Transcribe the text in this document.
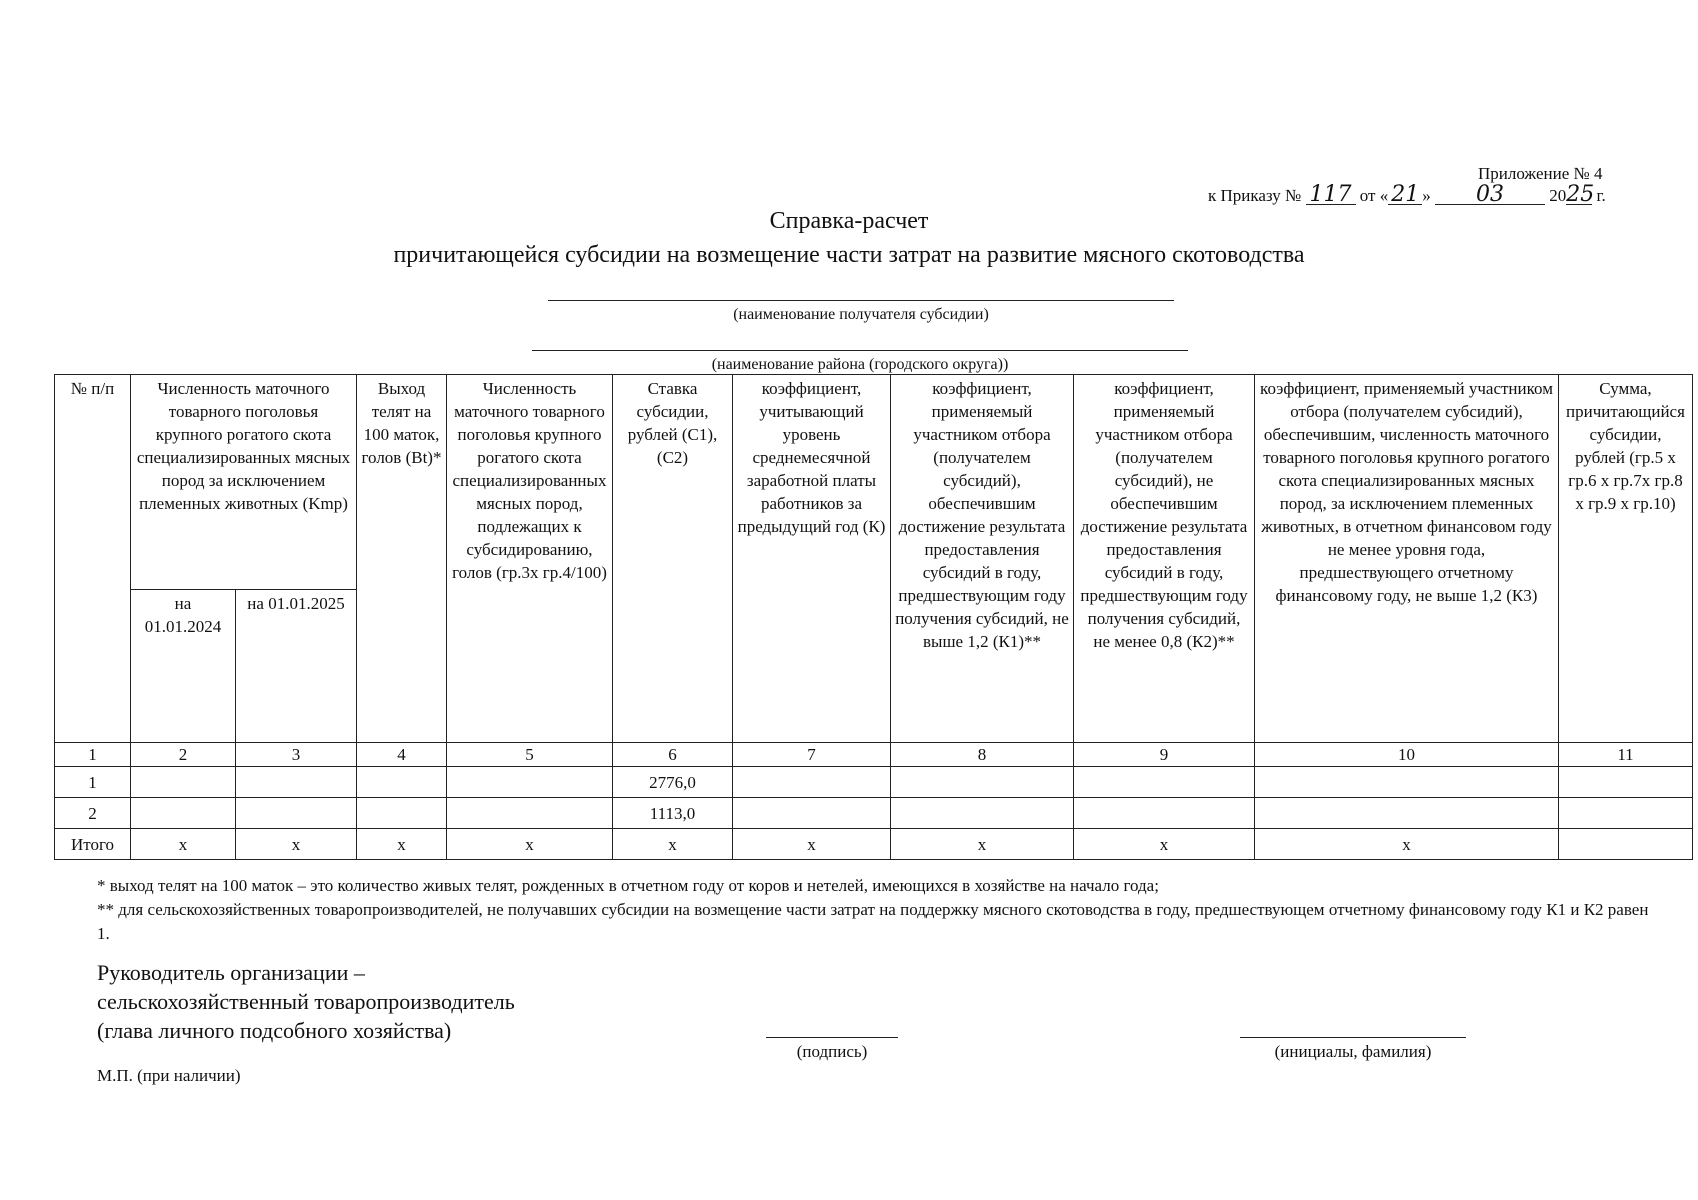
Приложение № 4
к Приказу № 117 от « 21 » 03	2025 г.
Справка-расчет
причитающейся субсидии на возмещение части затрат на развитие мясного скотоводства
(наименование получателя субсидии)
(наименование района (городского округа))
№ п/п	Численность маточного товарного поголовья крупного рогатого скота специализированных мясных пород за исключением племенных животных (Kmp)		Выход телят на 100 маток, голов (Bt)*	Численность маточного товарного поголовья крупного рогатого скота специализированных мясных пород, подлежащих к субсидированию, голов (гр.3х гр.4/100)	Ставка субсидии, рублей (C1), (C2)	коэффициент, учитывающий уровень среднемесячной заработной платы работников за предыдущий год (К)	коэффициент, применяемый участником отбора (получателем субсидий), обеспечившим достижение результата предоставления субсидий в году, предшествующим году получения субсидий, не выше 1,2 (К1)**	коэффициент, применяемый участником отбора (получателем субсидий), не обеспечившим достижение результата предоставления субсидий в году, предшествующим году получения субсидий, не менее 0,8 (К2)**	коэффициент, применяемый участником отбора (получателем субсидий), обеспечившим, численность маточного товарного поголовья крупного рогатого скота специализированных мясных пород, за исключением племенных животных, в отчетном финансовом году не менее уровня года, предшествующего отчетному финансовому году, не выше 1,2 (К3)	Сумма, причитающийся субсидии, рублей (гр.5 х гр.6 х гр.7х гр.8 х гр.9 х гр.10)
	на 01.01.2024	на 01.01.2025								
1	2	3	4	5	6	7	8	9	10	11
1					2776,0					
2					1113,0					
Итого	х	х	х	х	х	х	х	х	х	
* выход телят на 100 маток – это количество живых телят, рожденных в отчетном году от коров и нетелей, имеющихся в хозяйстве на начало года;
** для сельскохозяйственных товаропроизводителей, не получавших субсидии на возмещение части затрат на поддержку мясного скотоводства в году, предшествующем отчетному финансовому году К1 и К2 равен 1.
Руководитель организации –
сельскохозяйственный товаропроизводитель
(глава личного подсобного хозяйства)
(подпись)	(инициалы, фамилия)
М.П. (при наличии)
